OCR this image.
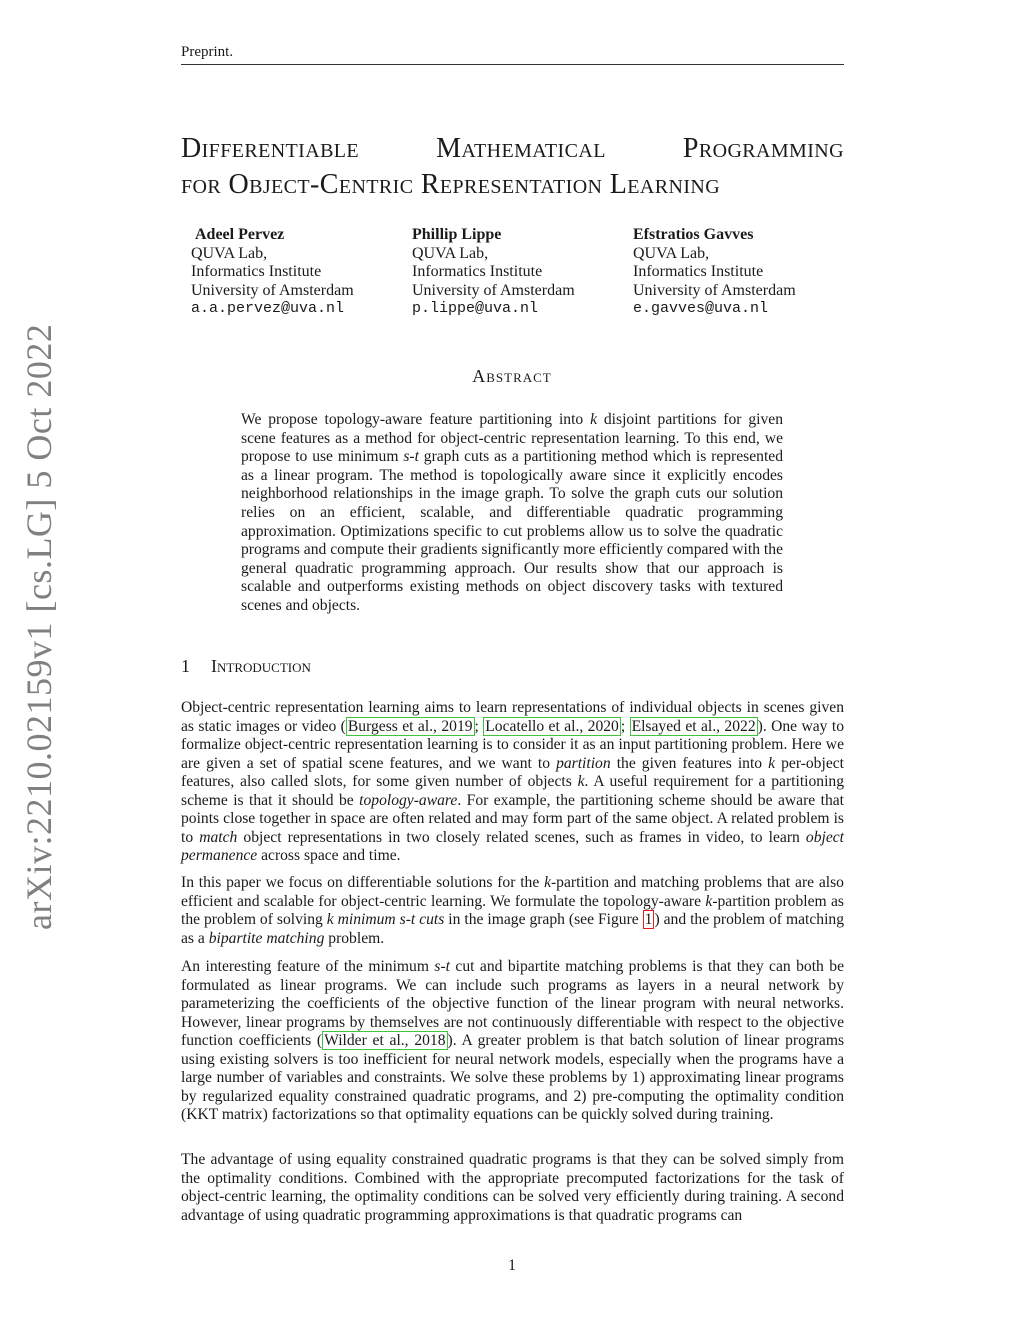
Preprint.
Differentiable	Mathematical	Programming
for Object-Centric Representation Learning
Adeel Pervez
QUVA Lab,
Informatics Institute
University of Amsterdam
a.a.pervez@uva.nl
Phillip Lippe
QUVA Lab,
Informatics Institute
University of Amsterdam
p.lippe@uva.nl
Efstratios Gavves
QUVA Lab,
Informatics Institute
University of Amsterdam
e.gavves@uva.nl
arXiv:2210.02159v1 [cs.LG] 5 Oct 2022	Abstract

We propose topology-aware feature partitioning into k disjoint partitions for given scene features as a method for object-centric representation learning. To this end, we propose to use minimum s-t graph cuts as a partitioning method which is represented as a linear program. The method is topologically aware since it explicitly encodes neighborhood relationships in the image graph. To solve the graph cuts our solution relies on an efficient, scalable, and differentiable quadratic programming approximation. Optimizations specific to cut problems allow us to solve the quadratic programs and compute their gradients significantly more efficiently compared with the general quadratic programming approach. Our results show that our approach is scalable and outperforms existing methods on object discovery tasks with textured scenes and objects.

1 Introduction

Object-centric representation learning aims to learn representations of individual objects in scenes given as static images or video ( Burgess et al., 2019 ; Locatello et al., 2020 ; Elsayed et al., 2022 ). One way to formalize object-centric representation learning is to consider it as an input partitioning problem. Here we are given a set of spatial scene features, and we want to partition the given features into k per-object features, also called slots, for some given number of objects k. A useful requirement for a partitioning scheme is that it should be topology-aware. For example, the partitioning scheme should be aware that points close together in space are often related and may form part of the same object. A related problem is to match object representations in two closely related scenes, such as frames in video, to learn object permanence across space and time.

In this paper we focus on differentiable solutions for the k-partition and matching problems that are also efficient and scalable for object-centric learning. We formulate the topology-aware k-partition problem as the problem of solving k minimum s-t cuts in the image graph (see Figure 1 ) and the problem of matching as a bipartite matching problem.

An interesting feature of the minimum s-t cut and bipartite matching problems is that they can both be formulated as linear programs. We can include such programs as layers in a neural network by parameterizing the coefficients of the objective function of the linear program with neural networks. However, linear programs by themselves are not continuously differentiable with respect to the objective function coefficients ( Wilder et al., 2018 ). A greater problem is that batch solution of linear programs using existing solvers is too inefficient for neural network models, especially when the programs have a large number of variables and constraints. We solve these problems by 1) approximating linear programs by regularized equality constrained quadratic programs, and 2) pre-computing the optimality condition (KKT matrix) factorizations so that optimality equations can be quickly solved during training.

The advantage of using equality constrained quadratic programs is that they can be solved simply from the optimality conditions. Combined with the appropriate precomputed factorizations for the task of object-centric learning, the optimality conditions can be solved very efficiently during training. A second advantage of using quadratic programming approximations is that quadratic programs can

1
